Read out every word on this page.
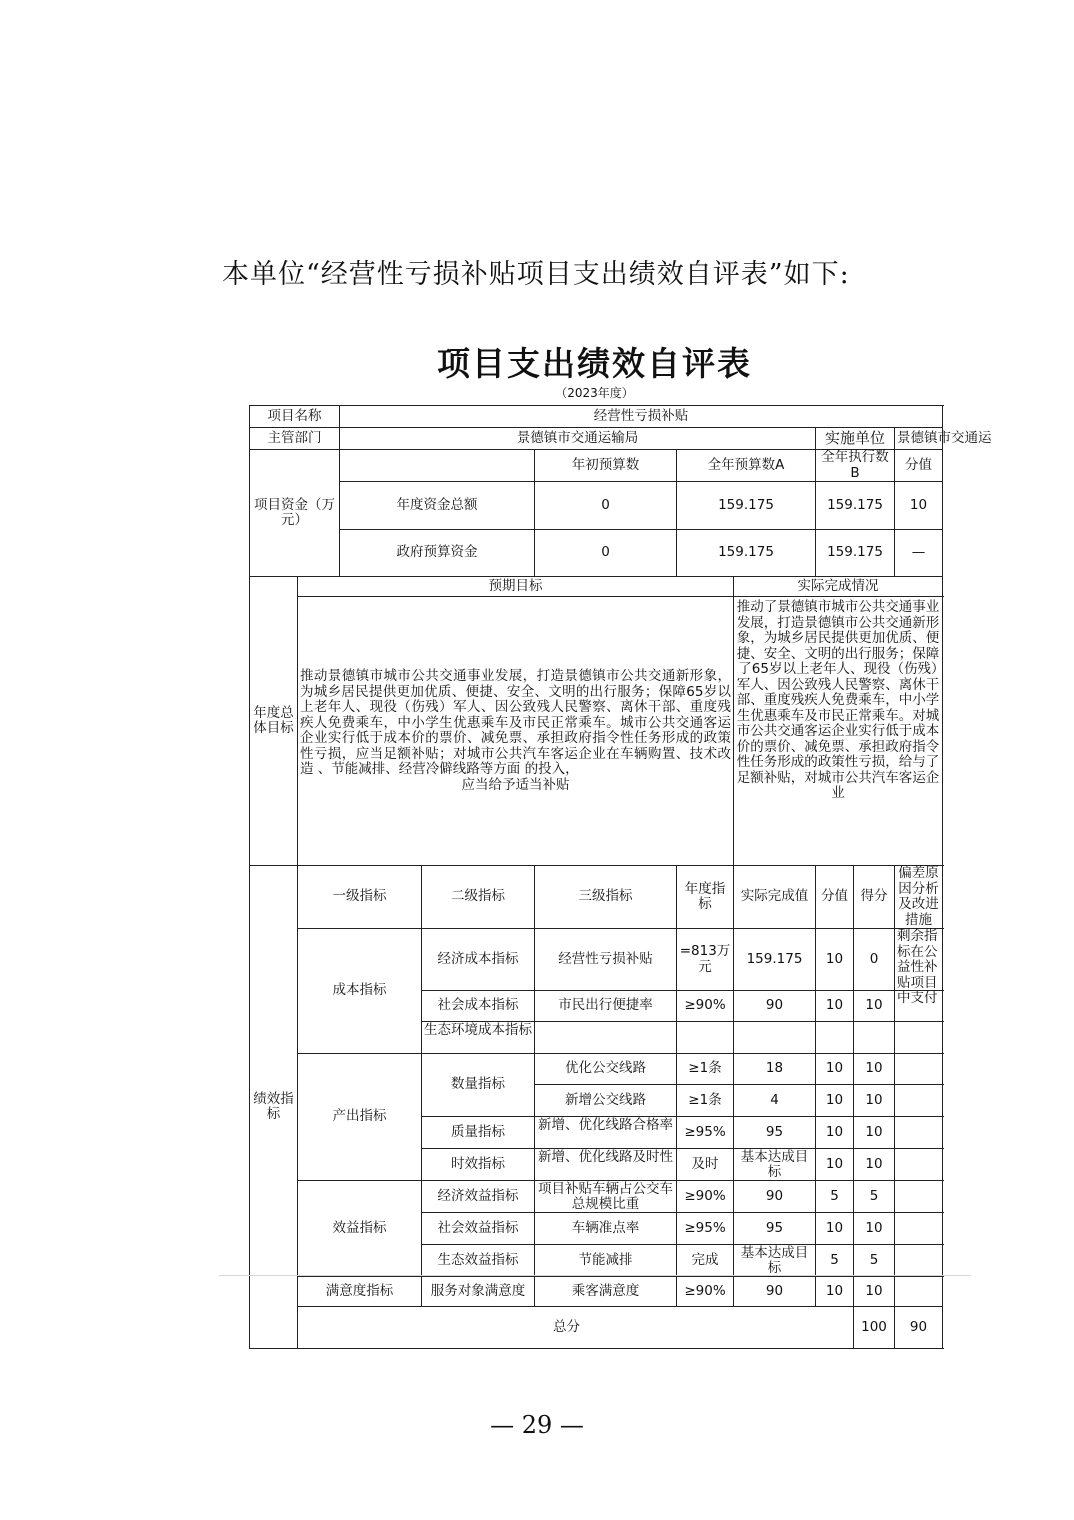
本单位“经营性亏损补贴项目支出绩效自评表”如下:
项目支出绩效自评表
（2023年度）
项目名称		经营性亏损补贴							
主管部门		景德镇市交通运输局					实施单位		景德镇市交通运	
项目资金（万元）				年初预算数	全年预算数A		全年执行数B		分值	
		年度资金总额		0	159.175		159.175		10	
		政府预算资金		0	159.175		159.175		—	
年度总体目标	预期目标					实际完成情况				
	推动景德镇市城市公共交通事业发展，打造景德镇市公共交通新形象，为城乡居民提供更加优质、便捷、安全、文明的出行服务；保障65岁以上老年人、现役（伤残）军人、因公致残人民警察、离休干部、重度残疾人免费乘车，中小学生优惠乘车及市民正常乘车。城市公共交通客运企业实行低于成本价的票价、减免票、承担政府指令性任务形成的政策性亏损，应当足额补贴；对城市公共汽车客运企业在车辆购置、技术改造 、节能减排、经营冷僻线路等方面 的投入，
应当给予适当补贴					推动了景德镇市城市公共交通事业发展，打造景德镇市公共交通新形象，为城乡居民提供更加优质、便捷、安全、文明的出行服务；保障了65岁以上老年人、现役（伤残）军人、因公致残人民警察、离休干部、重度残疾人免费乘车，中小学生优惠乘车及市民正常乘车。对城市公共交通客运企业实行低于成本价的票价、减免票、承担政府指令性任务形成的政策性亏损，给与了足额补贴，对城市公共汽车客运企业				

绩效指标	一级指标		二级指标	三级指标	年度指标	实际完成值	分值	得分	偏差原因分析及改进措施	
	成本指标		经济成本指标	经营性亏损补贴	=813万元	159.175	10	0	剩余指标在公益性补贴项目中支付	

			社会成本指标	市民出行便捷率	≥90%	90	10	10		

			生态环境成本指标							

	产出指标		数量指标	优化公交线路	≥1条	18	10	10		
				新增公交线路	≥1条	4	10	10		
			质量指标	新增、优化线路合格率	≥95%	95	10	10		
			时效指标	新增、优化线路及时性	及时	基本达成目标	10	10		
	效益指标		经济效益指标	项目补贴车辆占公交车总规模比重	≥90%	90	5	5		
			社会效益指标	车辆准点率	≥95%	95	10	10		
			生态效益指标	节能减排	完成	基本达成目标	5	5		
	满意度指标		服务对象满意度	乘客满意度	≥90%	90	10	10		
	总分							100	90	
— 29 —
